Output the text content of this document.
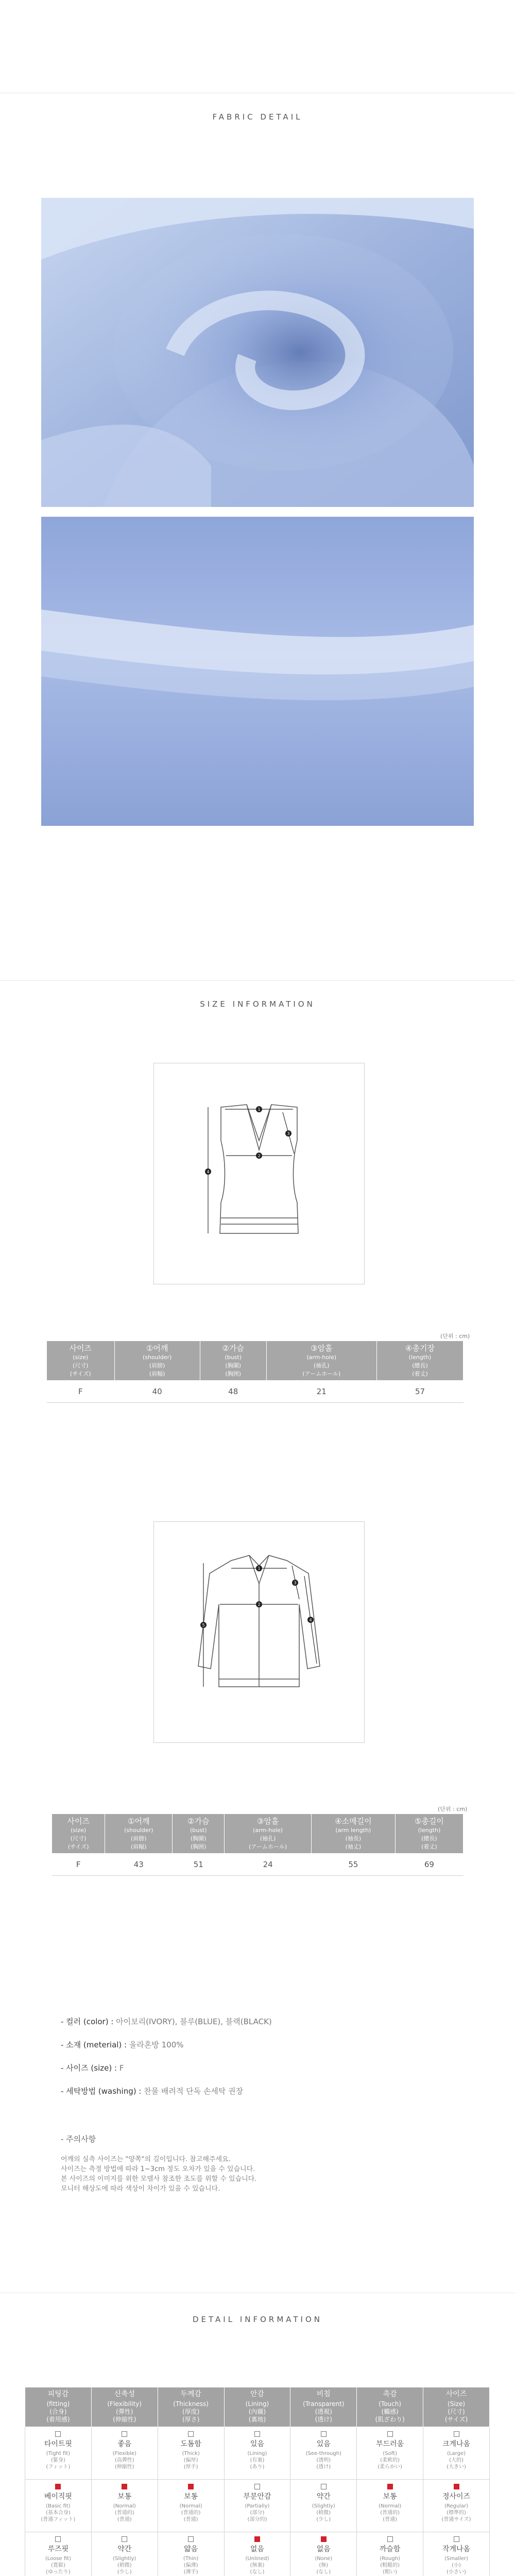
FABRIC DETAIL
SIZE INFORMATION
1
2
3
4
(단위 : cm)
사이즈
(size)
(尺寸)
(サイズ)	①어깨
(shoulder)
(肩膀)
(肩幅)	②가슴
(bust)
(胸圍)
(胸囲)	③암홀
(arm-hole)
(袖孔)
(アームホール)	④총기장
(length)
(總長)
(着丈)

F	40	48	21	57
1
2
3
4
5
(단위 : cm)
사이즈
(size)
(尺寸)
(サイズ)	①어깨
(shoulder)
(肩膀)
(肩幅)	②가슴
(bust)
(胸圍)
(胸囲)	③암홀
(arm-hole)
(袖孔)
(アームホール)	④소매길이
(arm length)
(袖長)
(袖丈)	⑤총길이
(length)
(總長)
(着丈)

F	43	51	24	55	69
- 컬러 (color) : 아이보리(IVORY), 블루(BLUE), 블랙(BLACK)
- 소재 (meterial) : 울라혼방 100%
- 사이즈 (size) : F
- 세탁방법 (washing) : 찬물 배려적 단독 손세탁 권장
- 주의사항
어깨의 실측 사이즈는 "양쪽"의 길이입니다. 참고해주세요.
사이즈는 측정 방법에 따라 1~3cm 정도 오차가 있을 수 있습니다.
본 사이즈의 이미지를 위한 모델사 참조한 조도를 위할 수 있습니다.
모니터 해상도에 따라 색상이 차이가 있을 수 있습니다.
DETAIL INFORMATION
피팅감
(fitting)
(合身)
(着用感)	신축성
(Flexibility)
(彈性)
(伸縮性)	두께감
(Thickness)
(厚度)
(厚さ)	안감
(Lining)
(內襯)
(裏地)	비침
(Transparent)
(透視)
(透け)	촉감
(Touch)
(觸感)
(肌ざわり)	사이즈
(Size)
(尺寸)
(サイズ)

타이트핏
(Tight fit)
(緊身)
(フィット)	좋음
(Flexible)
(高彈性)
(伸縮性)	도톰함
(Thick)
(偏厚)
(厚手)	있음
(Lining)
(有裏)
(あり)	있음
(See-through)
(透明)
(透け)	부드러움
(Soft)
(柔軟的)
(柔らかい)	크게나옴
(Large)
(大的)
(大きい)

베이직핏
(Basic fit)
(基本合身)
(普通フィット)	보통
(Normal)
(普通的)
(普通)	보통
(Normal)
(普通的)
(普通)	부분안감
(Partially)
(部分)
(部分的)	약간
(Slightly)
(稍微)
(少し)	보통
(Normal)
(普通的)
(普通)	정사이즈
(Regular)
(標準的)
(普通サイズ)

루즈핏
(Loose fit)
(寬鬆)
(ゆったり)	약간
(Slightly)
(稍微)
(少し)	얇음
(Thin)
(偏薄)
(薄手)	없음
(Unlined)
(無裏)
(なし)	없음
(None)
(無)
(なし)	까슬함
(Rough)
(粗糙的)
(粗い)	작게나옴
(Smaller)
(小)
(小さい)
